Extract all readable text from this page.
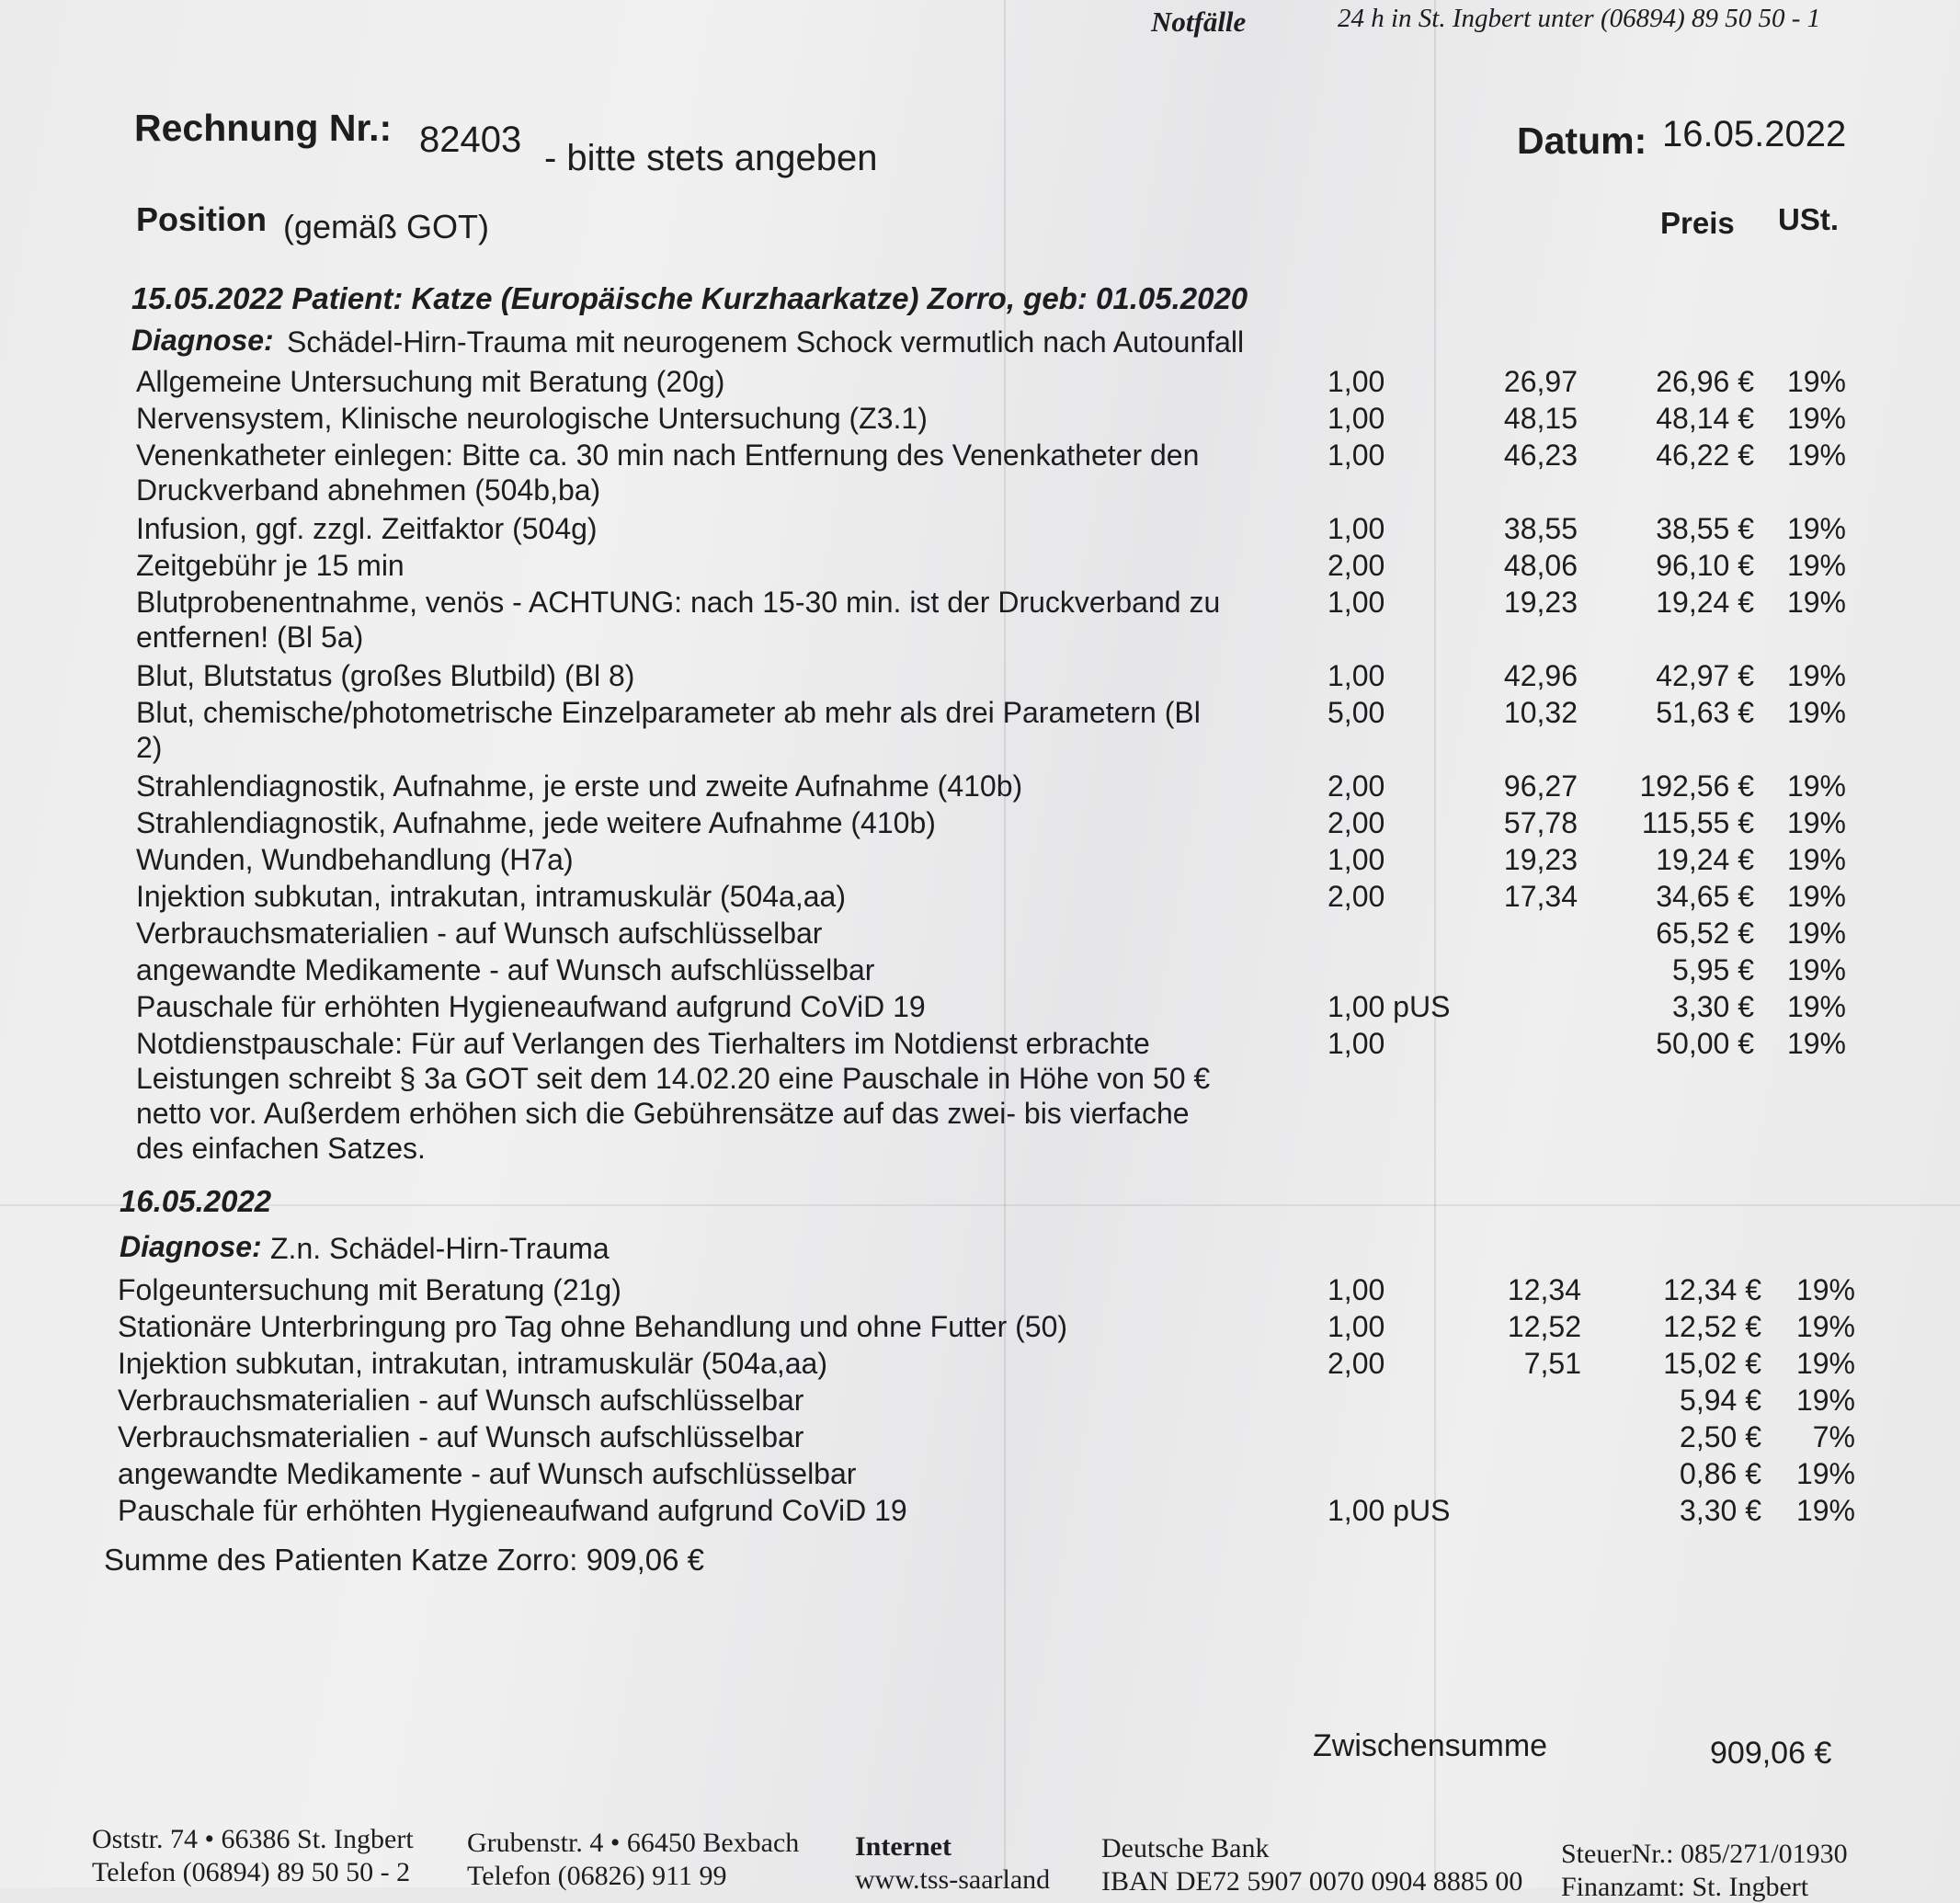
Notfälle	24 h in St. Ingbert unter (06894) 89 50 50 - 1
Rechnung Nr.: 82403 - bitte stets angeben	Datum: 16.05.2022
Position (gemäß GOT)	Preis USt.
15.05.2022 Patient: Katze (Europäische Kurzhaarkatze) Zorro, geb: 01.05.2020
Diagnose: Schädel-Hirn-Trauma mit neurogenem Schock vermutlich nach Autounfall
Allgemeine Untersuchung mit Beratung (20g)	1,00	26,97	26,96 € 19%
Nervensystem, Klinische neurologische Untersuchung (Z3.1)	1,00	48,15	48,14 € 19%
Venenkatheter einlegen: Bitte ca. 30 min nach Entfernung des Venenkatheter den Druckverband abnehmen (504b,ba)
1,00	46,23	46,22 € 19%
Infusion, ggf. zzgl. Zeitfaktor (504g)	1,00	38,55	38,55 € 19%
Zeitgebühr je 15 min	2,00	48,06	96,10 € 19%
Blutprobenentnahme, venös - ACHTUNG: nach 15-30 min. ist der Druckverband zu entfernen! (Bl 5a)
1,00	19,23	19,24 € 19%
Blut, Blutstatus (großes Blutbild) (Bl 8)	1,00	42,96	42,97 € 19%
Blut, chemische/photometrische Einzelparameter ab mehr als drei Parametern (Bl 2)
5,00	10,32	51,63 € 19%
Strahlendiagnostik, Aufnahme, je erste und zweite Aufnahme (410b)	2,00	96,27 192,56 € 19%
Strahlendiagnostik, Aufnahme, jede weitere Aufnahme (410b)	2,00	57,78 115,55 € 19%
Wunden, Wundbehandlung (H7a)	1,00	19,23	19,24 € 19%
Injektion subkutan, intrakutan, intramuskulär (504a,aa)	2,00	17,34	34,65 € 19%
Verbrauchsmaterialien - auf Wunsch aufschlüsselbar	65,52 € 19%
angewandte Medikamente - auf Wunsch aufschlüsselbar	5,95 € 19%
Pauschale für erhöhten Hygieneaufwand aufgrund CoViD 19	1,00 pUS	3,30 € 19%
Notdienstpauschale: Für auf Verlangen des Tierhalters im Notdienst erbrachte Leistungen schreibt § 3a GOT seit dem 14.02.20 eine Pauschale in Höhe von 50 € netto vor. Außerdem erhöhen sich die Gebührensätze auf das zwei- bis vierfache des einfachen Satzes.
1,00	50,00 € 19%
16.05.2022
Diagnose: Z.n. Schädel-Hirn-Trauma
Folgeuntersuchung mit Beratung (21g)	1,00	12,34	12,34 € 19%
Stationäre Unterbringung pro Tag ohne Behandlung und ohne Futter (50)	1,00	12,52	12,52 € 19%
Injektion subkutan, intrakutan, intramuskulär (504a,aa)	2,00	7,51	15,02 € 19%
Verbrauchsmaterialien - auf Wunsch aufschlüsselbar	5,94 € 19%
Verbrauchsmaterialien - auf Wunsch aufschlüsselbar	2,50 € 7%
angewandte Medikamente - auf Wunsch aufschlüsselbar	0,86 € 19%
Pauschale für erhöhten Hygieneaufwand aufgrund CoViD 19	1,00 pUS	3,30 € 19%
Summe des Patienten Katze Zorro: 909,06 €
Zwischensumme	909,06 €
Oststr. 74 • 66386 St. Ingbert
Telefon (06894) 89 50 50 - 2
Grubenstr. 4 • 66450 Bexbach
Telefon (06826) 911 99
Internet
www.tss-saarland
Deutsche Bank
IBAN DE72 5907 0070 0904 8885 00
SteuerNr.: 085/271/01930
Finanzamt: St. Ingbert
